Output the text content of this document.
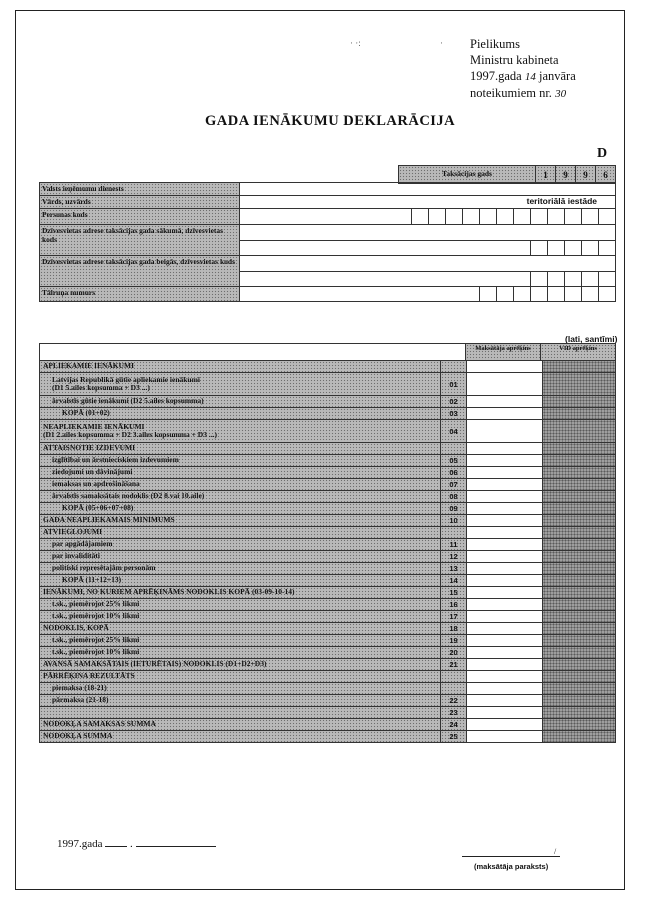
· ·:	· Pielikums
Ministru kabineta
1997.gada 14 janvāra
noteikumiem nr. 30
GADA IENĀKUMU DEKLARĀCIJA
D
Taksācijas gads	1	9	9	6
Valsts ieņēmumu dienests
Vārds, uzvārds	teritoriālā iestāde
Personas kods
Dzīvesvietas adrese taksācijas gada sākumā, dzīvesvietas kods
Dzīvesvietas adrese taksācijas gada beigās, dzīvesvietas kods
Tālruņa numurs
(lati, santīmi)
Maksātāja aprēķins	VID aprēķins
APLIEKAMIE IENĀKUMI
Latvijas Republikā gūtie apliekamie ienākumi
(D1 5.ailes kopsumma + D3 ...)	01
ārvalstīs gūtie ienākumi (D2 5.ailes kopsumma)	02
KOPĀ (01+02)	03
NEAPLIEKAMIE IENĀKUMI
(D1 2.ailes kopsumma + D2 3.ailes kopsumma + D3 ...)	04
ATTAISNOTIE IZDEVUMI
izglītībai un ārstnieciskiem izdevumiem	05
ziedojumi un dāvinājumi	06
iemaksas un apdrošināšana	07
ārvalstīs samaksātais nodoklis (D2 8.vai 10.aile)	08
KOPĀ (05+06+07+08)	09
GADA NEAPLIEKAMAIS MINIMUMS	10
ATVIEGLOJUMI
par apgādājamiem	11
par invaliditāti	12
politiski represētajām personām	13
KOPĀ (11+12+13)	14
IENĀKUMI, NO KURIEM APRĒĶINĀMS NODOKLIS KOPĀ (03-09-10-14)	15
t.sk., piemērojot 25% likmi	16
t.sk., piemērojot 10% likmi	17
NODOKLIS, KOPĀ	18
t.sk., piemērojot 25% likmi	19
t.sk., piemērojot 10% likmi	20
AVANSĀ SAMAKSĀTAIS (IETURĒTAIS) NODOKLIS (D1+D2+D3)	21
PĀRRĒĶINA REZULTĀTS
piemaksa (18-21)
pārmaksa (21-18)	22
23
NODOKĻA SAMAKSAS SUMMA	24
NODOKĻA SUMMA	25
1997.gada  .
/
(maksātāja paraksts)
